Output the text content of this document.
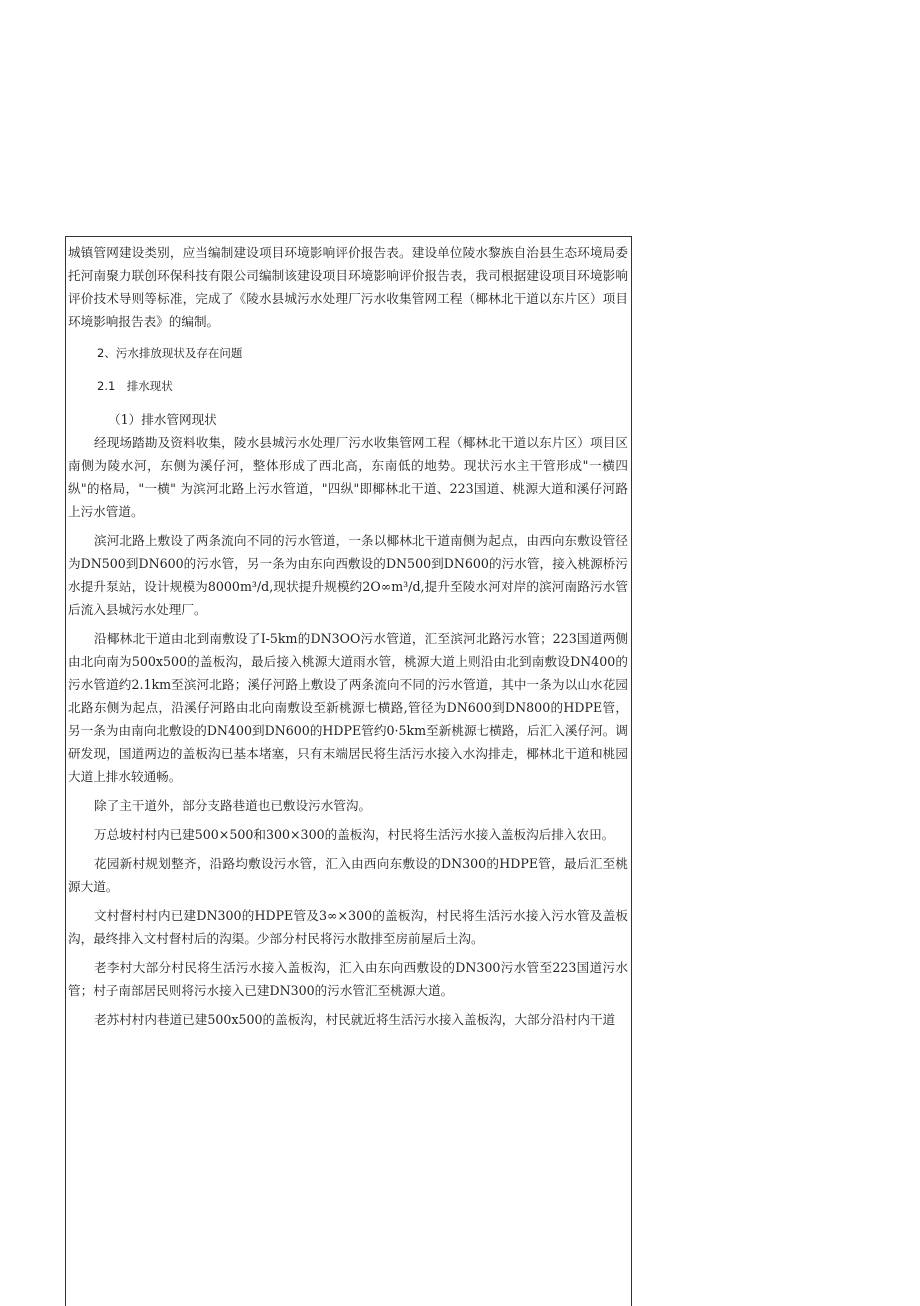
城镇管网建设类别，应当编制建设项目环境影响评价报告表。建设单位陵水黎族自治县生态环境局委托河南聚力联创环保科技有限公司编制该建设项目环境影响评价报告表，我司根据建设项目环境影响评价技术导则等标准，完成了《陵水县城污水处理厂污水收集管网工程（椰林北干道以东片区）项目环境影响报告表》的编制。

2、污水排放现状及存在问题

2.1　排水现状

（1）排水管网现状

经现场踏勘及资料收集，陵水县城污水处理厂污水收集管网工程（椰林北干道以东片区）项目区南侧为陵水河，东侧为溪仔河，整体形成了西北高，东南低的地势。现状污水主干管形成"一横四纵"的格局，"一横" 为滨河北路上污水管道，"四纵"即椰林北干道、223国道、桃源大道和溪仔河路上污水管道。

滨河北路上敷设了两条流向不同的污水管道，一条以椰林北干道南侧为起点，由西向东敷设管径为DN500到DN600的污水管，另一条为由东向西敷设的DN500到DN600的污水管，接入桃源桥污水提升泵站，设计规模为8000m³/d,现状提升规模约2O∞m³/d,提升至陵水河对岸的滨河南路污水管后流入县城污水处理厂。

沿椰林北干道由北到南敷设了I-5km的DN3OO污水管道，汇至滨河北路污水管；223国道两侧由北向南为500x500的盖板沟，最后接入桃源大道雨水管，桃源大道上则沿由北到南敷设DN400的污水管道约2.1km至滨河北路；溪仔河路上敷设了两条流向不同的污水管道，其中一条为以山水花园北路东侧为起点，沿溪仔河路由北向南敷设至新桃源七横路,管径为DN600到DN800的HDPE管，另一条为由南向北敷设的DN400到DN600的HDPE管约0·5km至新桃源七横路，后汇入溪仔河。调研发现，国道两边的盖板沟已基本堵塞，只有末端居民将生活污水接入水沟排走，椰林北干道和桃园大道上排水较通畅。

除了主干道外，部分支路巷道也已敷设污水管沟。

万总坡村村内已建500×500和300×300的盖板沟，村民将生活污水接入盖板沟后排入农田。

花园新村规划整齐，沿路均敷设污水管，汇入由西向东敷设的DN300的HDPE管，最后汇至桃源大道。

文村督村村内已建DN300的HDPE管及3∞×300的盖板沟，村民将生活污水接入污水管及盖板沟，最终排入文村督村后的沟渠。少部分村民将污水散排至房前屋后土沟。

老李村大部分村民将生活污水接入盖板沟，汇入由东向西敷设的DN300污水管至223国道污水管；村子南部居民则将污水接入已建DN300的污水管汇至桃源大道。

老苏村村内巷道已建500x500的盖板沟，村民就近将生活污水接入盖板沟，大部分沿村内干道
